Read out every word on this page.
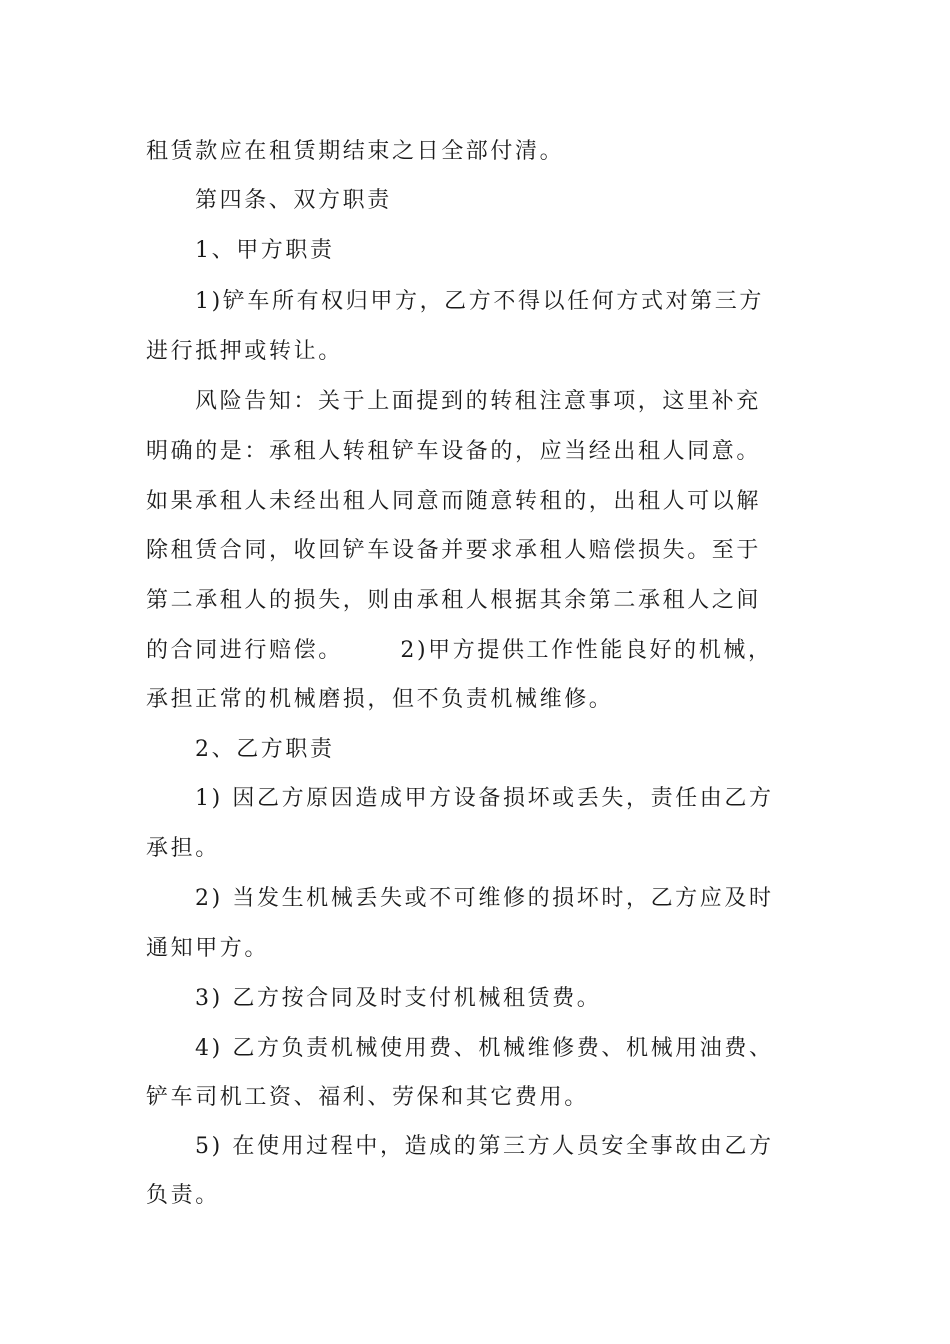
租赁款应在租赁期结束之日全部付清。
第四条、双方职责
1、甲方职责
1)铲车所有权归甲方，乙方不得以任何方式对第三方
进行抵押或转让。
风险告知：关于上面提到的转租注意事项，这里补充
明确的是：承租人转租铲车设备的，应当经出租人同意。
如果承租人未经出租人同意而随意转租的，出租人可以解
除租赁合同，收回铲车设备并要求承租人赔偿损失。至于
第二承租人的损失，则由承租人根据其余第二承租人之间
的合同进行赔偿。      2)甲方提供工作性能良好的机械，
承担正常的机械磨损，但不负责机械维修。
2、乙方职责
1) 因乙方原因造成甲方设备损坏或丢失，责任由乙方
承担。
2) 当发生机械丢失或不可维修的损坏时，乙方应及时
通知甲方。
3) 乙方按合同及时支付机械租赁费。
4) 乙方负责机械使用费、机械维修费、机械用油费、
铲车司机工资、福利、劳保和其它费用。
5) 在使用过程中，造成的第三方人员安全事故由乙方
负责。
